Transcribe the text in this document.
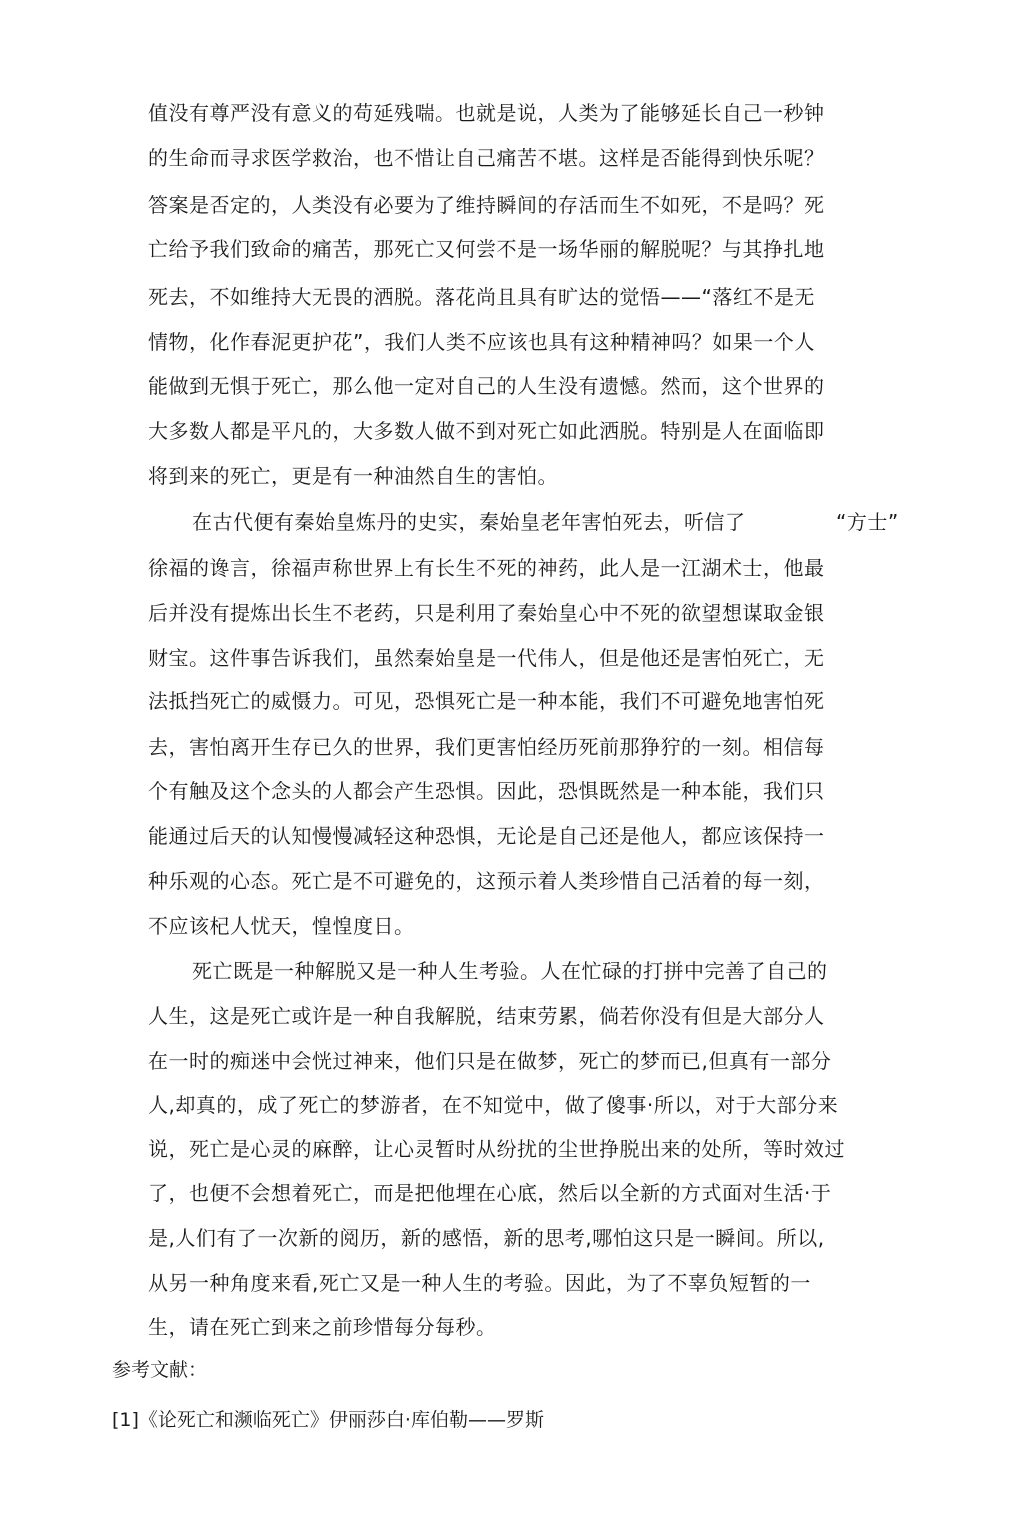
值没有尊严没有意义的苟延残喘。也就是说，人类为了能够延长自己一秒钟
的生命而寻求医学救治，也不惜让自己痛苦不堪。这样是否能得到快乐呢？
答案是否定的，人类没有必要为了维持瞬间的存活而生不如死，不是吗？死
亡给予我们致命的痛苦，那死亡又何尝不是一场华丽的解脱呢？与其挣扎地
死去，不如维持大无畏的洒脱。落花尚且具有旷达的觉悟——“落红不是无
情物，化作春泥更护花”，我们人类不应该也具有这种精神吗？如果一个人
能做到无惧于死亡，那么他一定对自己的人生没有遗憾。然而，这个世界的
大多数人都是平凡的，大多数人做不到对死亡如此洒脱。特别是人在面临即
将到来的死亡，更是有一种油然自生的害怕。
在古代便有秦始皇炼丹的史实，秦始皇老年害怕死去，听信了	“方士”
徐福的谗言，徐福声称世界上有长生不死的神药，此人是一江湖术士，他最
后并没有提炼出长生不老药，只是利用了秦始皇心中不死的欲望想谋取金银
财宝。这件事告诉我们，虽然秦始皇是一代伟人，但是他还是害怕死亡，无
法抵挡死亡的威慑力。可见，恐惧死亡是一种本能，我们不可避免地害怕死
去，害怕离开生存已久的世界，我们更害怕经历死前那狰狞的一刻。相信每
个有触及这个念头的人都会产生恐惧。因此，恐惧既然是一种本能，我们只
能通过后天的认知慢慢减轻这种恐惧，无论是自己还是他人，都应该保持一
种乐观的心态。死亡是不可避免的，这预示着人类珍惜自己活着的每一刻，
不应该杞人忧天，惶惶度日。
死亡既是一种解脱又是一种人生考验。人在忙碌的打拼中完善了自己的
人生，这是死亡或许是一种自我解脱，结束劳累，倘若你没有但是大部分人
在一时的痴迷中会恍过神来，他们只是在做梦，死亡的梦而已,但真有一部分
人,却真的，成了死亡的梦游者，在不知觉中，做了傻事·所以，对于大部分来
说，死亡是心灵的麻醉，让心灵暂时从纷扰的尘世挣脱出来的处所，等时效过
了，也便不会想着死亡，而是把他埋在心底，然后以全新的方式面对生活·于
是,人们有了一次新的阅历，新的感悟，新的思考,哪怕这只是一瞬间。所以,
从另一种角度来看,死亡又是一种人生的考验。因此，为了不辜负短暂的一
生，请在死亡到来之前珍惜每分每秒。
参考文献：
[1]《论死亡和濒临死亡》伊丽莎白·库伯勒——罗斯
